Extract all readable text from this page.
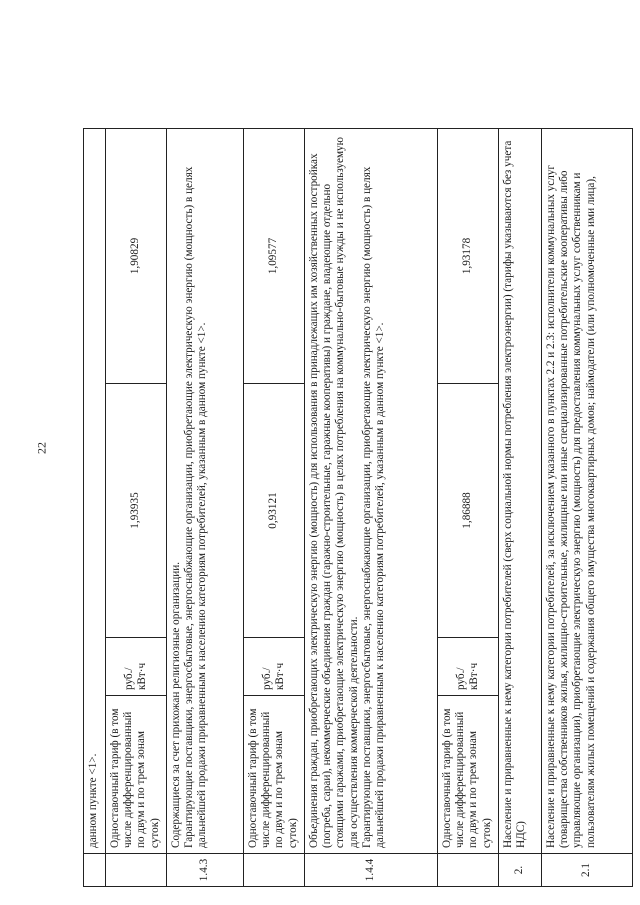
22
	данном пункте <1>.			
	Одноставочный тариф (в том числе дифференцированный по двум и по трем зонам суток)	руб./кВт·ч	1,93935	1,90829
1.4.3	Содержащиеся за счет прихожан религиозные организации.
Гарантирующие поставщики, энергосбытовые, энергоснабжающие организации, приобретающие электрическую энергию (мощность) в целях дальнейшей продажи приравненным к населению категориям потребителей, указанным в данном пункте <1>.			
	Одноставочный тариф (в том числе дифференцированный по двум и по трем зонам суток)	руб./кВт·ч	0,93121	1,09577
1.4.4	Объединения граждан, приобретающих электрическую энергию (мощность) для использования в принадлежащих им хозяйственных постройках (погреба, сараи), некоммерческие объединения граждан (гаражно-строительные, гаражные кооперативы) и граждане, владеющие отдельно стоящими гаражами, приобретающие электрическую энергию (мощность) в целях потребления на коммунально-бытовые нужды и не используемую для осуществления коммерческой деятельности.
Гарантирующие поставщики, энергосбытовые, энергоснабжающие организации, приобретающие электрическую энергию (мощность) в целях дальнейшей продажи приравненным к населению категориям потребителей, указанным в данном пункте <1>.			
	Одноставочный тариф (в том числе дифференцированный по двум и по трем зонам суток)	руб./кВт·ч	1,86888	1,93178
2.	Население и приравненные к нему категории потребителей (сверх социальной нормы потребления электроэнергии) (тарифы указываются без учета НДС)			
2.1	Население и приравненные к нему категории потребителей, за исключением указанного в пунктах 2.2 и 2.3: исполнители коммунальных услуг (товарищества собственников жилья, жилищно-строительные, жилищные или иные специализированные потребительские кооперативы либо управляющие организации), приобретающие электрическую энергию (мощность) для предоставления коммунальных услуг собственникам и пользователям жилых помещений и содержания общего имущества многоквартирных домов; наймодатели (или уполномоченные ими лица),			
